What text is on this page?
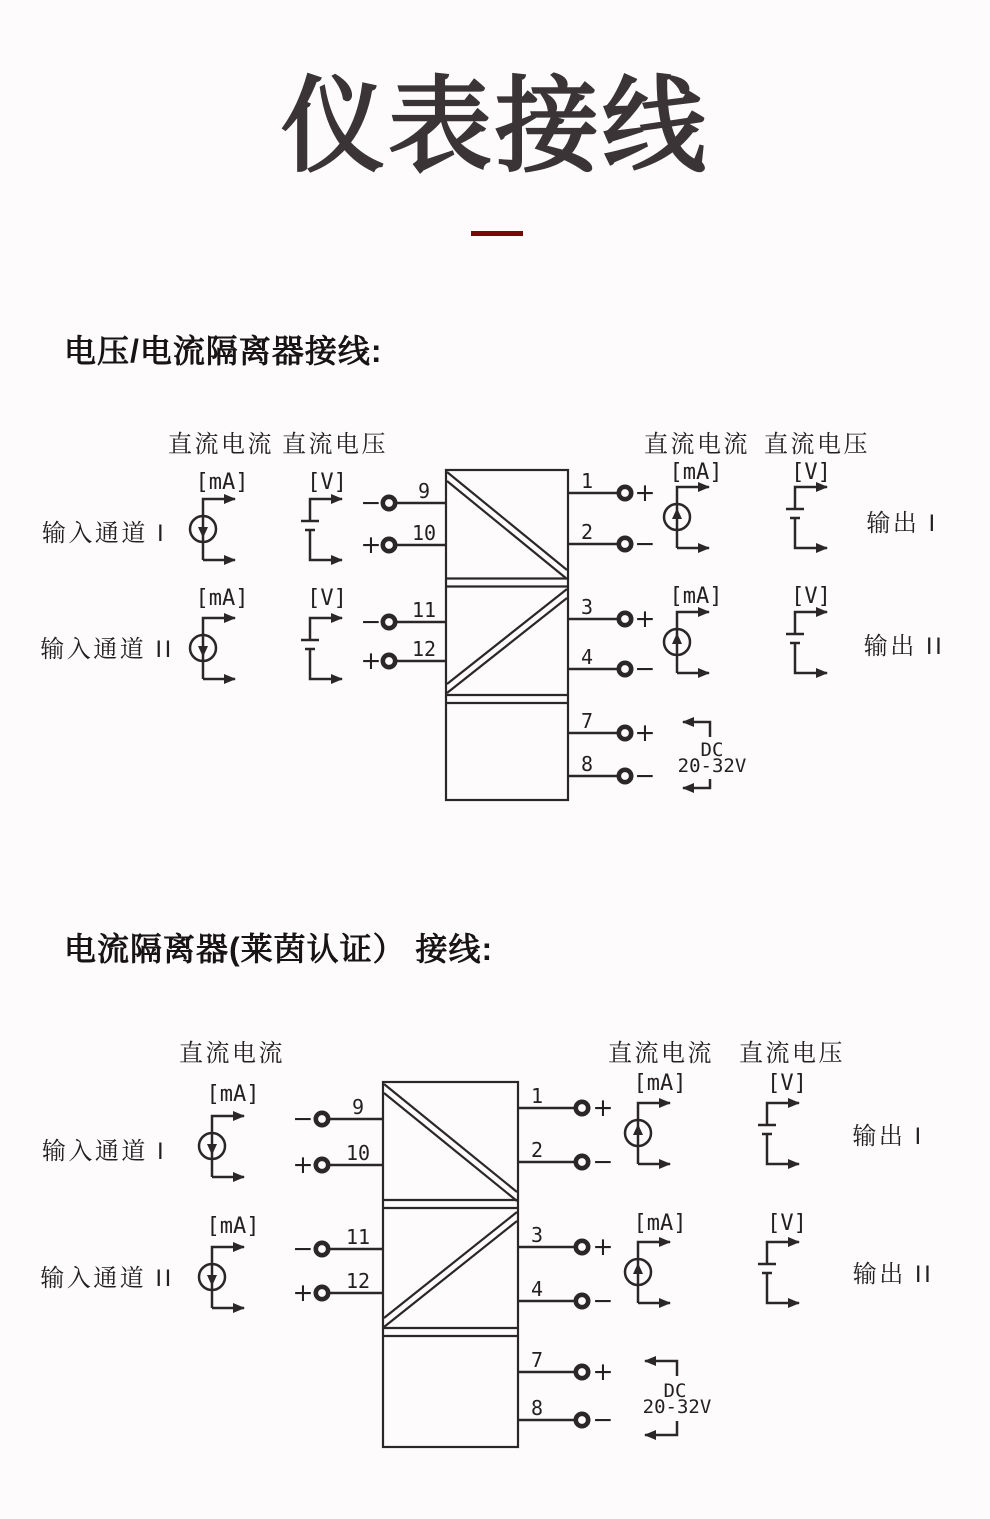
仪表接线
电压/电流隔离器接线:
直流电流 直流电压	直流电流 直流电压
输入通道 I
输入通道 II
输出 I
输出 II
[mA]	[V]
[mA]	[V]
[mA]	[V]
[mA]	[V]
− 9
+ 10
− 11
+ 12
1 +
2 −
3 +
4 −
7 +
8 −
DC
20-32V
电流隔离器(莱茵认证） 接线:
直流电流	直流电流 直流电压
输入通道 I
输入通道 II
输出 I
输出 II
[mA]
[mA]
[mA]	[V]
[mA]	[V]
− 9
+ 10
− 11
+ 12
1 +
2 −
3 +
4 −
7 +
8 −
DC
20-32V
